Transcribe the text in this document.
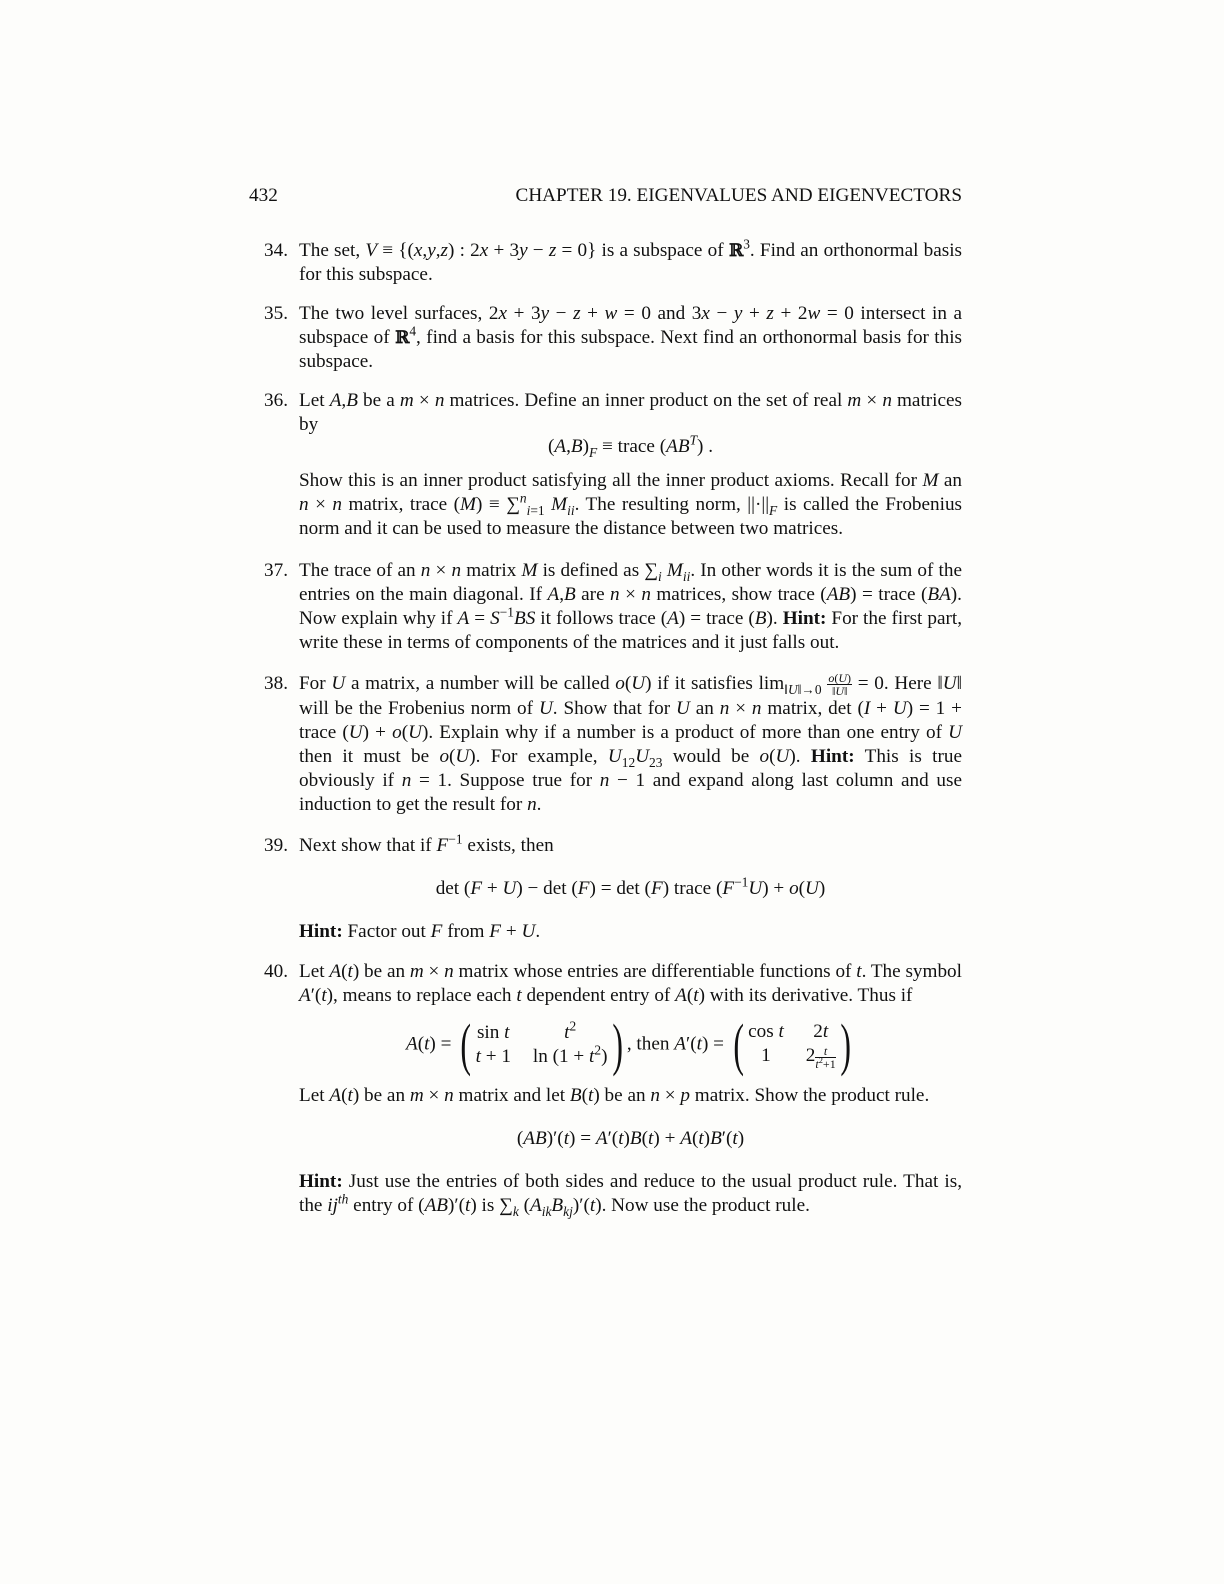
432	CHAPTER 19. EIGENVALUES AND EIGENVECTORS
34. The set, V ≡ {(x,y,z) : 2x + 3y − z = 0} is a subspace of ℝ$^3$. Find an orthonormal basis for this subspace.
35. The two level surfaces, 2x + 3y − z + w = 0 and 3x − y + z + 2w = 0 intersect in a subspace of ℝ$^4$, find a basis for this subspace. Next find an orthonormal basis for this subspace.
36. Let A,B be a m × n matrices. Define an inner product on the set of real m × n matrices by
$(A,B)_F$ ≡ trace $(AB^T)$ .
Show this is an inner product satisfying all the inner product axioms. Recall for M an n × n matrix, trace (M) ≡ ∑$^n_{i=1}$ $M_{ii}$. The resulting norm, $||\cdot||_F$ is called the Frobenius norm and it can be used to measure the distance between two matrices.
37. The trace of an n × n matrix M is defined as $\sum_i$ $M_{ii}$. In other words it is the sum of the entries on the main diagonal. If A,B are n × n matrices, show trace (AB) = trace (BA). Now explain why if $A = S^{-1}BS$ it follows trace (A) = trace (B). Hint: For the first part, write these in terms of components of the matrices and it just falls out.
38. For U a matrix, a number will be called o(U) if it satisfies $\lim_{‖U‖\to 0} \frac{o(U)}{‖U‖} = 0$. Here ‖U‖ will be the Frobenius norm of U. Show that for U an n × n matrix, det (I + U) = 1 + trace (U) + o(U). Explain why if a number is a product of more than one entry of U then it must be o(U). For example, $U_{12}U_{23}$ would be o(U). Hint: This is true obviously if n = 1. Suppose true for n − 1 and expand along last column and use induction to get the result for n.
39. Next show that if $F^{-1}$ exists, then
det (F + U) − det (F) = det (F) trace $(F^{-1}U) + o(U)$
Hint: Factor out F from F + U.
40. Let A(t) be an m × n matrix whose entries are differentiable functions of t. The symbol A′(t), means to replace each t dependent entry of A(t) with its derivative. Thus if
A(t) = ( sin t	$t^2$
t + 1 $\ln (1 + t^2)$ ) , then A′(t) = ( cos t	2t
1	$2 \frac{t}{t^2+1}$ )
Let A(t) be an m × n matrix and let B(t) be an n × p matrix. Show the product rule.
(AB)′(t) = A′(t)B(t) + A(t)B′(t)
Hint: Just use the entries of both sides and reduce to the usual product rule. That is, the $ij^{th}$ entry of (AB)′(t) is $\sum_k$ $(A_{ik}B_{kj})'(t)$. Now use the product rule.
